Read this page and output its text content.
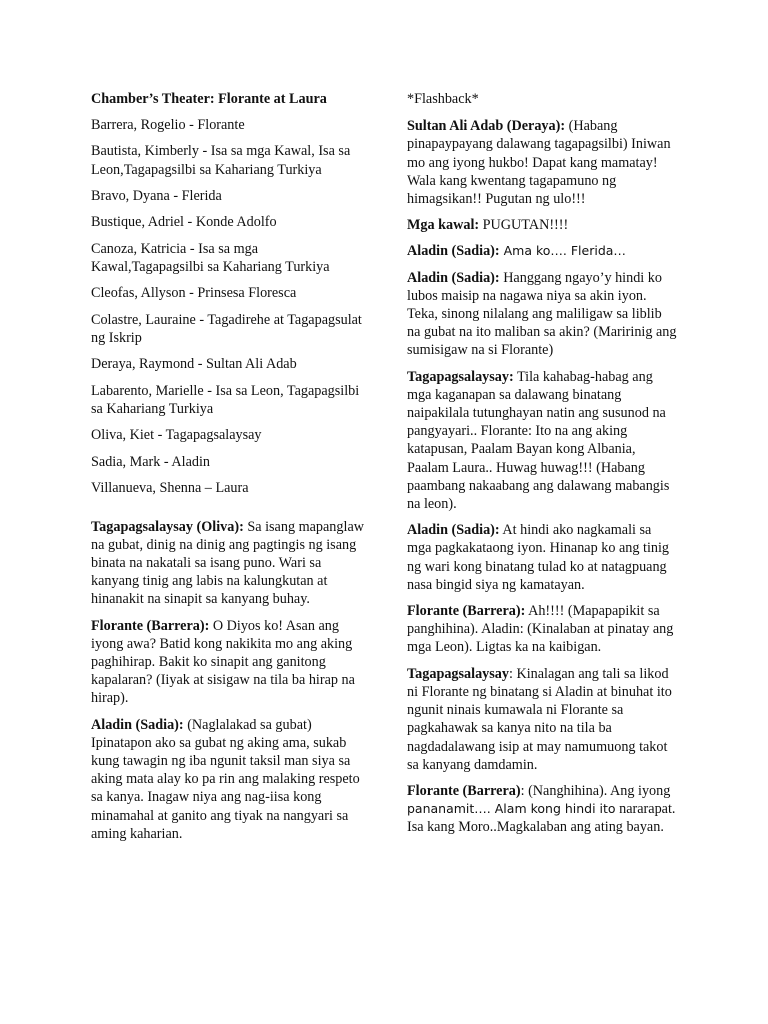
Chamber’s Theater: Florante at Laura
Barrera, Rogelio - Florante
Bautista, Kimberly - Isa sa mga Kawal, Isa sa Leon,Tagapagsilbi sa Kahariang Turkiya
Bravo, Dyana - Flerida
Bustique, Adriel - Konde Adolfo
Canoza, Katricia - Isa sa mga Kawal,Tagapagsilbi sa Kahariang Turkiya
Cleofas, Allyson - Prinsesa Floresca
Colastre, Lauraine - Tagadirehe at Tagapagsulat ng Iskrip
Deraya, Raymond - Sultan Ali Adab
Labarento, Marielle - Isa sa Leon, Tagapagsilbi sa Kahariang Turkiya
Oliva, Kiet - Tagapagsalaysay
Sadia, Mark - Aladin
Villanueva, Shenna – Laura
Tagapagsalaysay (Oliva): Sa isang mapanglaw na gubat, dinig na dinig ang pagtingis ng isang binata na nakatali sa isang puno. Wari sa kanyang tinig ang labis na kalungkutan at hinanakit na sinapit sa kanyang buhay.
Florante (Barrera): O Diyos ko! Asan ang iyong awa? Batid kong nakikita mo ang aking paghihirap. Bakit ko sinapit ang ganitong kapalaran? (Iiyak at sisigaw na tila ba hirap na hirap).
Aladin (Sadia): (Naglalakad sa gubat) Ipinatapon ako sa gubat ng aking ama, sukab kung tawagin ng iba ngunit taksil man siya sa aking mata alay ko pa rin ang malaking respeto sa kanya. Inagaw niya ang nag-iisa kong minamahal at ganito ang tiyak na nangyari sa aming kaharian.
*Flashback*
Sultan Ali Adab (Deraya): (Habang pinapaypayang dalawang tagapagsilbi) Iniwan mo ang iyong hukbo! Dapat kang mamatay! Wala kang kwentang tagapamuno ng himagsikan!! Pugutan ng ulo!!!
Mga kawal: PUGUTAN!!!!
Aladin (Sadia): Ama ko…. Flerida…
Aladin (Sadia): Hanggang ngayo’y hindi ko lubos maisip na nagawa niya sa akin iyon. Teka, sinong nilalang ang maliligaw sa liblib na gubat na ito maliban sa akin? (Maririnig ang sumisigaw na si Florante)
Tagapagsalaysay: Tila kahabag-habag ang mga kaganapan sa dalawang binatang naipakilala tutunghayan natin ang susunod na pangyayari.. Florante: Ito na ang aking katapusan, Paalam Bayan kong Albania, Paalam Laura.. Huwag huwag!!! (Habang paambang nakaabang ang dalawang mabangis na leon).
Aladin (Sadia): At hindi ako nagkamali sa mga pagkakataong iyon. Hinanap ko ang tinig ng wari kong binatang tulad ko at natagpuang nasa bingid siya ng kamatayan.
Florante (Barrera): Ah!!!! (Mapapapikit sa panghihina). Aladin: (Kinalaban at pinatay ang mga Leon). Ligtas ka na kaibigan.
Tagapagsalaysay: Kinalagan ang tali sa likod ni Florante ng binatang si Aladin at binuhat ito ngunit ninais kumawala ni Florante sa pagkahawak sa kanya nito na tila ba nagdadalawang isip at may namumuong takot sa kanyang damdamin.
Florante (Barrera): (Nanghihina). Ang iyong pananamit…. Alam kong hindi ito nararapat. Isa kang Moro..Magkalaban ang ating bayan.
